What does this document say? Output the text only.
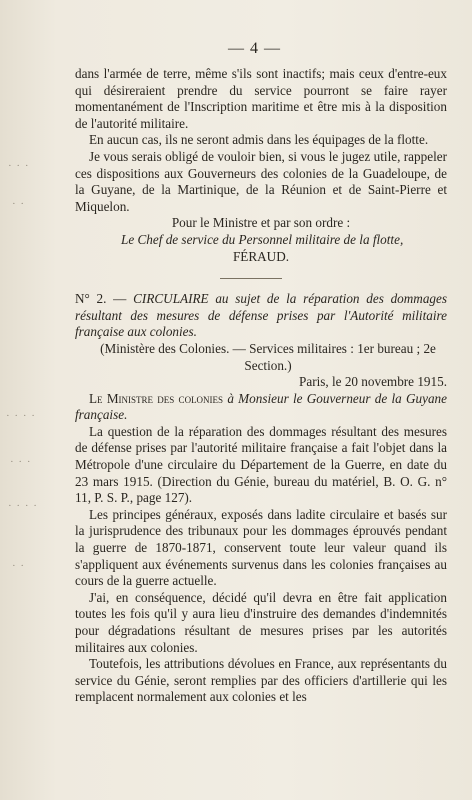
— 4 —

dans l'armée de terre, même s'ils sont inactifs; mais ceux d'entre-eux qui désireraient prendre du service pourront se faire rayer momentanément de l'Inscription maritime et être mis à la disposition de l'autorité militaire.

En aucun cas, ils ne seront admis dans les équipages de la flotte.

Je vous serais obligé de vouloir bien, si vous le jugez utile, rappeler ces dispositions aux Gouverneurs des colonies de la Guadeloupe, de la Guyane, de la Martinique, de la Réunion et de Saint-Pierre et Miquelon.

Pour le Ministre et par son ordre :

Le Chef de service du Personnel militaire de la flotte,

FÉRAUD.

N° 2. — CIRCULAIRE au sujet de la réparation des dommages résultant des mesures de défense prises par l'Autorité militaire française aux colonies.

(Ministère des Colonies. — Services militaires : 1er bureau ; 2e Section.)

Paris, le 20 novembre 1915.

Le Ministre des colonies à Monsieur le Gouverneur de la Guyane française.

La question de la réparation des dommages résultant des mesures de défense prises par l'autorité militaire française a fait l'objet dans la Métropole d'une circulaire du Département de la Guerre, en date du 23 mars 1915. (Direction du Génie, bureau du matériel, B. O. G. n° 11, P. S. P., page 127).

Les principes généraux, exposés dans ladite circulaire et basés sur la jurisprudence des tribunaux pour les dommages éprouvés pendant la guerre de 1870-1871, conservent toute leur valeur quand ils s'appliquent aux événements survenus dans les colonies françaises au cours de la guerre actuelle.

J'ai, en conséquence, décidé qu'il devra en être fait application toutes les fois qu'il y aura lieu d'instruire des demandes d'indemnités pour dégradations résultant de mesures prises par les autorités militaires aux colonies.

Toutefois, les attributions dévolues en France, aux représentants du service du Génie, seront remplies par des officiers d'artillerie qui les remplacent normalement aux colonies et les

· · ·
· ·
· · · ·
· · ·
· · · ·
· ·
